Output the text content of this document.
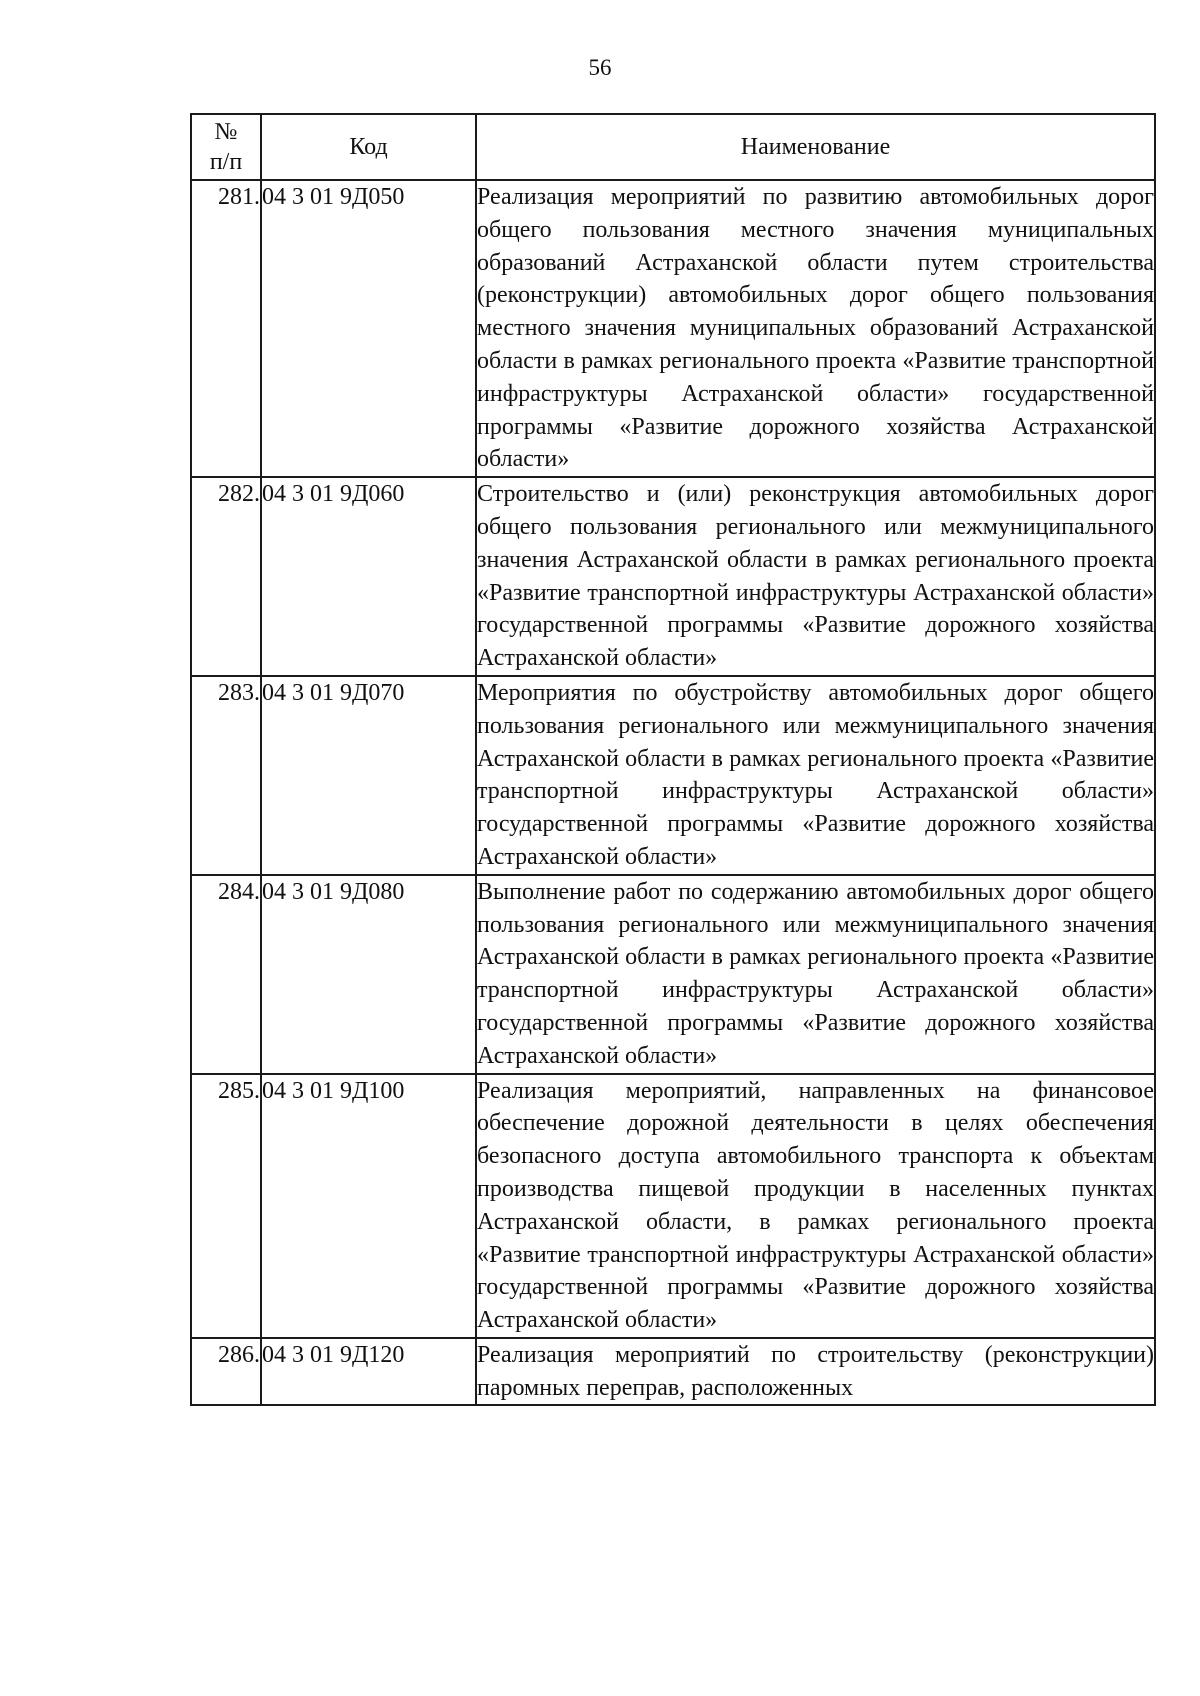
56
№
п/п	Код	Наименование
281.	04 3 01 9Д050	Реализация мероприятий по развитию автомобильных дорог общего пользования местного значения муниципальных образований Астраханской области путем строительства (реконструкции) автомобильных дорог общего пользования местного значения муниципальных образований Астраханской области в рамках регионального проекта «Развитие транспортной инфраструктуры Астраханской области» государственной программы «Развитие дорожного хозяйства Астраханской области»
282.	04 3 01 9Д060	Строительство и (или) реконструкция автомобильных дорог общего пользования регионального или межмуниципального значения Астраханской области в рамках регионального проекта «Развитие транспортной инфраструктуры Астраханской области» государственной программы «Развитие дорожного хозяйства Астраханской области»
283.	04 3 01 9Д070	Мероприятия по обустройству автомобильных дорог общего пользования регионального или межмуниципального значения Астраханской области в рамках регионального проекта «Развитие транспортной инфраструктуры Астраханской области» государственной программы «Развитие дорожного хозяйства Астраханской области»
284.	04 3 01 9Д080	Выполнение работ по содержанию автомобильных дорог общего пользования регионального или межмуниципального значения Астраханской области в рамках регионального проекта «Развитие транспортной инфраструктуры Астраханской области» государственной программы «Развитие дорожного хозяйства Астраханской области»
285.	04 3 01 9Д100	Реализация мероприятий, направленных на финансовое обеспечение дорожной деятельности в целях обеспечения безопасного доступа автомобильного транспорта к объектам производства пищевой продукции в населенных пунктах Астраханской области, в рамках регионального проекта «Развитие транспортной инфраструктуры Астраханской области» государственной программы «Развитие дорожного хозяйства Астраханской области»
286.	04 3 01 9Д120	Реализация мероприятий по строительству (реконструкции) паромных переправ, расположенных
